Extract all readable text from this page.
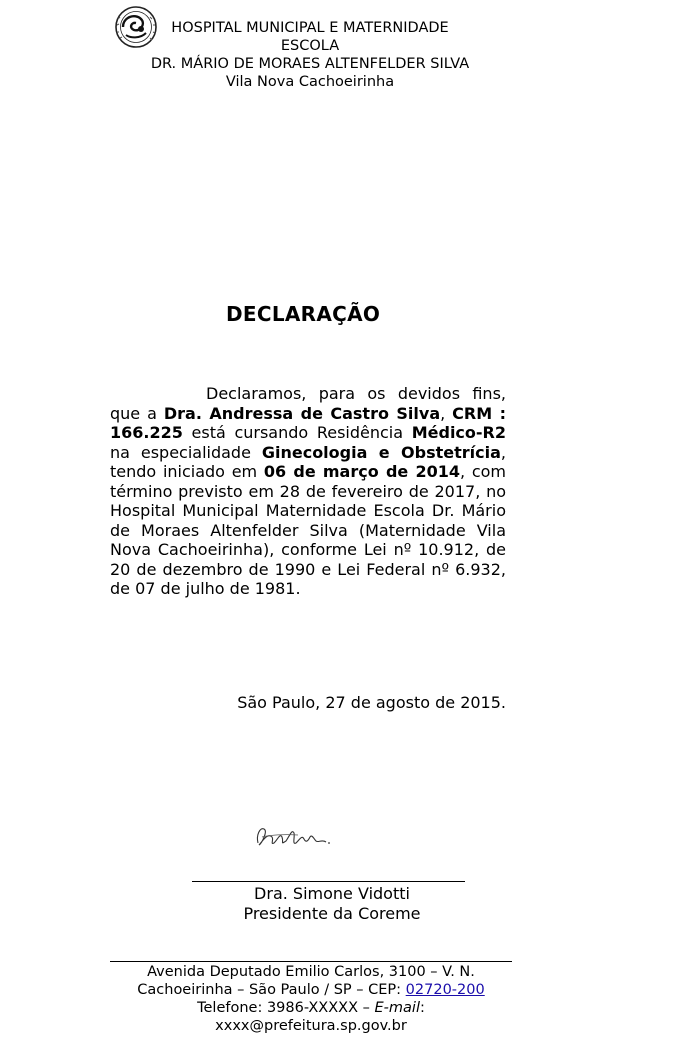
HOSPITAL MUNICIPAL E MATERNIDADE
ESCOLA
DR. MÁRIO DE MORAES ALTENFELDER SILVA
Vila Nova Cachoeirinha
DECLARAÇÃO
Declaramos, para os devidos fins, que a Dra. Andressa de Castro Silva, CRM : 166.225 está cursando Residência Médico-R2 na especialidade Ginecologia e Obstetrícia, tendo iniciado em 06 de março de 2014, com término previsto em 28 de fevereiro de 2017, no Hospital Municipal Maternidade Escola Dr. Mário de Moraes Altenfelder Silva (Maternidade Vila Nova Cachoeirinha), conforme Lei nº 10.912, de 20 de dezembro de 1990 e Lei Federal nº 6.932, de 07 de julho de 1981.
São Paulo, 27 de agosto de 2015.
Dra. Simone Vidotti
Presidente da Coreme
Avenida Deputado Emilio Carlos, 3100 – V. N.
Cachoeirinha – São Paulo / SP – CEP: 02720-200
Telefone: 3986-XXXXX – E-mail:
xxxx@prefeitura.sp.gov.br
